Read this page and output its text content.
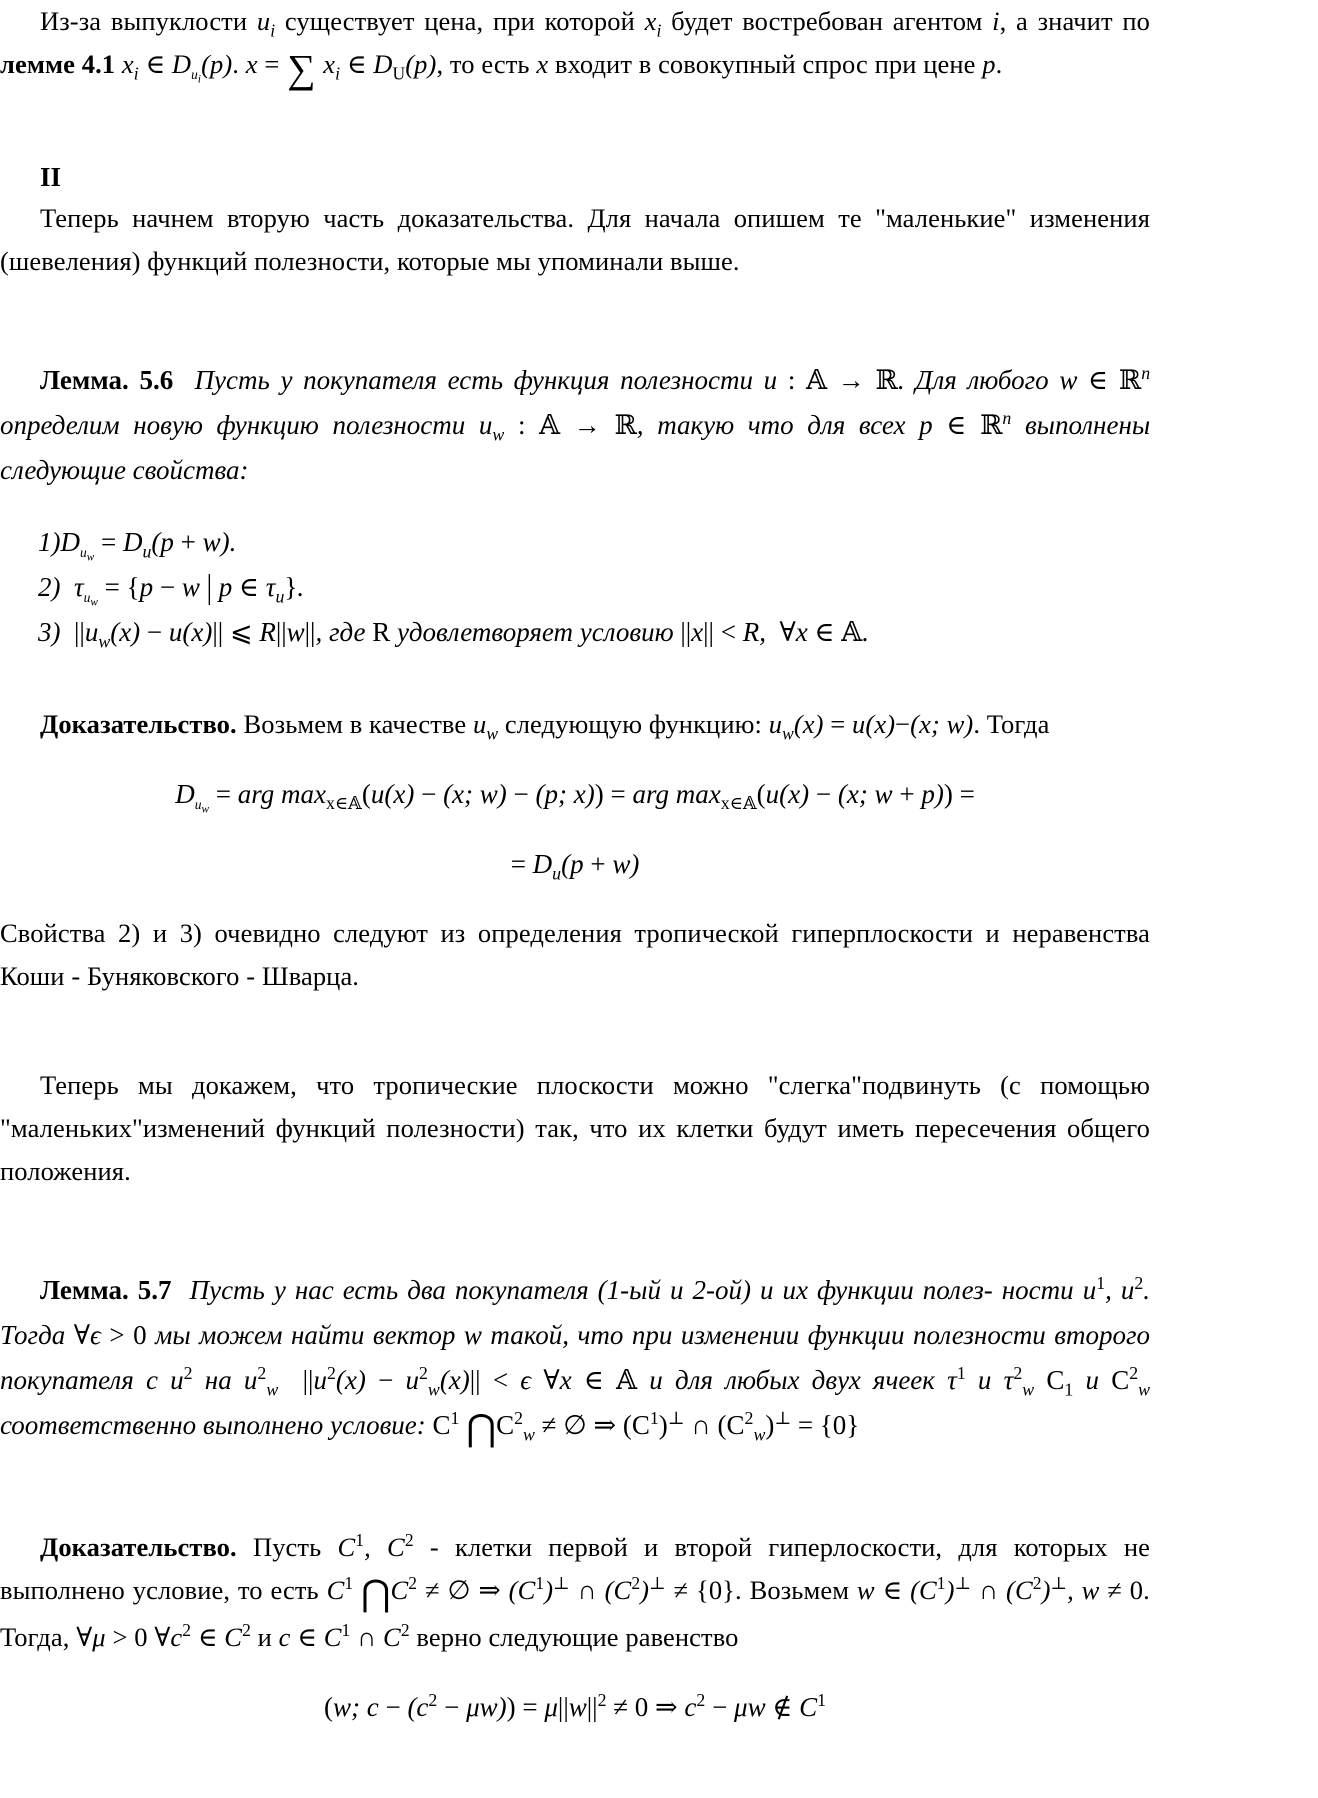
Из-за выпуклости $u_i$ существует цена, при которой $x_i$ будет востребован агентом i, а значит по лемме 4.1 $x_i$ ∈ $D_{u_i}(p)$. x = ∑ $x_i$ ∈ $D_U(p)$, то есть x входит в совокупный спрос при цене p.

II

Теперь начнем вторую часть доказательства. Для начала опишем те "маленькие" изменения (шевеления) функций полезности, которые мы упоминали выше.

Лемма. 5.6 Пусть у покупателя есть функция полезности u : 𝔸 → ℝ. Для любого w ∈ ℝ$^n$ определим новую функцию полезности $u_w$ : 𝔸 → ℝ, такую что для всех p ∈ ℝ$^n$ выполнены следующие свойства:

$1)D_{u_w} = D_u(p + w)$.
2)  $\tau_{u_w} = \{p - w$ | p ∈ $\tau_u$}.
3)  $||u_w(x) - u(x)||$ ⩽ R||w||, где R удовлетворяет условию ||x|| < R, ∀x ∈ 𝔸.

Доказательство. Возьмем в качестве $u_w$ следующую функцию: $u_w(x) = u(x)-(x$; w). Тогда

$D_{u_w}$ = arg $\max_{x\in 𝔸}(u(x) - (x$; w) − (p; x)) = arg $\max_{x\in 𝔸}(u(x) - (x$; w + p)) =
= $D_u(p + w)$

Свойства 2) и 3) очевидно следуют из определения тропической гиперплоскости и неравенства Коши - Буняковского - Шварца.

Теперь мы докажем, что тропические плоскости можно "слегка"подвинуть (с помощью "маленьких"изменений функций полезности) так, что их клетки будут иметь пересечения общего положения.

Лемма. 5.7 Пусть у нас есть два покупателя (1-ый и 2-ой) и их функции полез- ности $u^1$, $u^2$. Тогда ∀ϵ > 0 мы можем найти вектор w такой, что при изменении функции полезности второго покупателя с $u^2$ на $u^2_w$ $||u^2(x) - u^2_w(x)|| < \epsilon$ ∀x ∈ 𝔸 и для любых двух ячеек $\tau^1$ и $\tau^2_w$ $C_1$ и $C^2_w$ соответственно выполнено условие: $C^1$ $⋂C^2_w$ ≠ ∅ ⇒ $(C^1)^\perp$ ∩ $(C^2_w)^\perp = \{0\}$

Доказательство. Пусть $C^1$, $C^2$ - клетки первой и второй гиперлоскости, для которых не выполнено условие, то есть $C^1$ $⋂C^2$ ≠ ∅ ⇒ $(C^1)^\perp$ ∩ $(C^2)^\perp \ne \{0\}$. Возьмем w ∈ $(C^1)^\perp$ ∩ $(C^2)^\perp$, w ≠ 0. Тогда, ∀μ > 0 $\forall c^2$ ∈ $C^2$ и c ∈ $C^1$ ∩ $C^2$ верно следующие равенство

(w; $c - (c^2 - \mu w)) = \mu||w||^2 \ne 0$ ⇒ $c^2 - \mu w$ ∉ $C^1$
